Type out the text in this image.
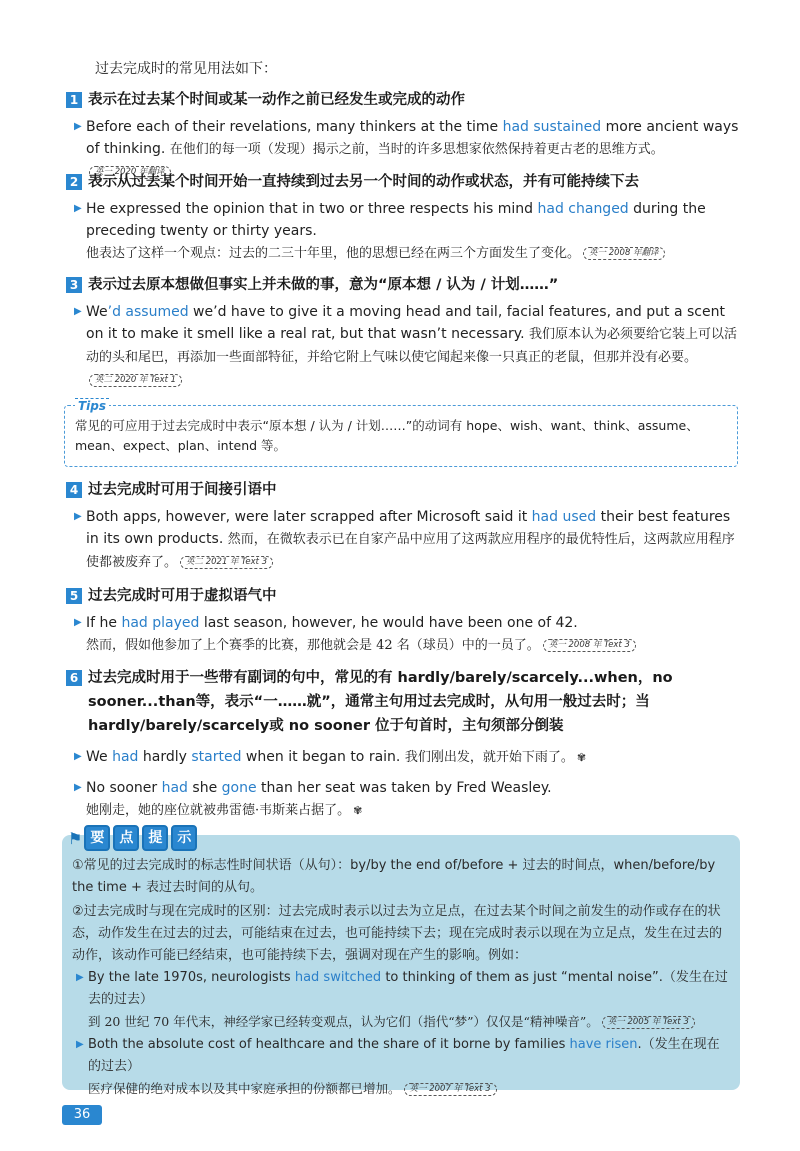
过去完成时的常见用法如下：
1 表示在过去某个时间或某一动作之前已经发生或完成的动作
▶ Before each of their revelations, many thinkers at the time had sustained more ancient ways of thinking. 在他们的每一项（发现）揭示之前，当时的许多思想家依然保持着更古老的思维方式。英一 2020 年翻译
2 表示从过去某个时间开始一直持续到过去另一个时间的动作或状态，并有可能持续下去
▶ He expressed the opinion that in two or three respects his mind had changed during the preceding twenty or thirty years.
他表达了这样一个观点：过去的二三十年里，他的思想已经在两三个方面发生了变化。 英一 2008 年翻译
3 表示过去原本想做但事实上并未做的事，意为“原本想 / 认为 / 计划……”
▶ We’d assumed we’d have to give it a moving head and tail, facial features, and put a scent on it to make it smell like a real rat, but that wasn’t necessary. 我们原本认为必须要给它装上可以活动的头和尾巴，再添加一些面部特征，并给它附上气味以使它闻起来像一只真正的老鼠，但那并没有必要。英二 2020 年 Text 1
Tips
常见的可应用于过去完成时中表示“原本想 / 认为 / 计划……”的动词有 hope、wish、want、think、assume、mean、expect、plan、intend 等。
4 过去完成时可用于间接引语中
▶ Both apps, however, were later scrapped after Microsoft said it had used their best features in its own products. 然而，在微软表示已在自家产品中应用了这两款应用程序的最优特性后，这两款应用程序使都被废弃了。 英二 2021 年 Text 3
5 过去完成时可用于虚拟语气中
▶ If he had played last season, however, he would have been one of 42.
然而，假如他参加了上个赛季的比赛，那他就会是 42 名（球员）中的一员了。 英一 2008 年 Text 3
6 过去完成时用于一些带有副词的句中，常见的有 hardly/barely/scarcely...when，no sooner...than等，表示“一……就”，通常主句用过去完成时，从句用一般过去时；当 hardly/barely/scarcely或 no sooner 位于句首时，主句须部分倒装
▶ We had hardly started when it began to rain. 我们刚出发，就开始下雨了。 ✾
▶ No sooner had she gone than her seat was taken by Fred Weasley.
她刚走，她的座位就被弗雷德·韦斯莱占据了。 ✾
⚑ 要	点	提	示

①常见的过去完成时的标志性时间状语（从句）：by/by the end of/before + 过去的时间点，when/before/by the time + 表过去时间的从句。

②过去完成时与现在完成时的区别：过去完成时表示以过去为立足点，在过去某个时间之前发生的动作或存在的状态，动作发生在过去的过去，可能结束在过去，也可能持续下去；现在完成时表示以现在为立足点，发生在过去的动作，该动作可能已经结束，也可能持续下去，强调对现在产生的影响。例如：

▶ By the late 1970s, neurologists had switched to thinking of them as just “mental noise”.（发生在过去的过去）
到 20 世纪 70 年代末，神经学家已经转变观点，认为它们（指代“梦”）仅仅是“精神噪音”。 英一 2005 年 Text 3

▶ Both the absolute cost of healthcare and the share of it borne by families have risen.（发生在现在的过去）
医疗保健的绝对成本以及其中家庭承担的份额都已增加。 英一 2007 年 Text 3

36
